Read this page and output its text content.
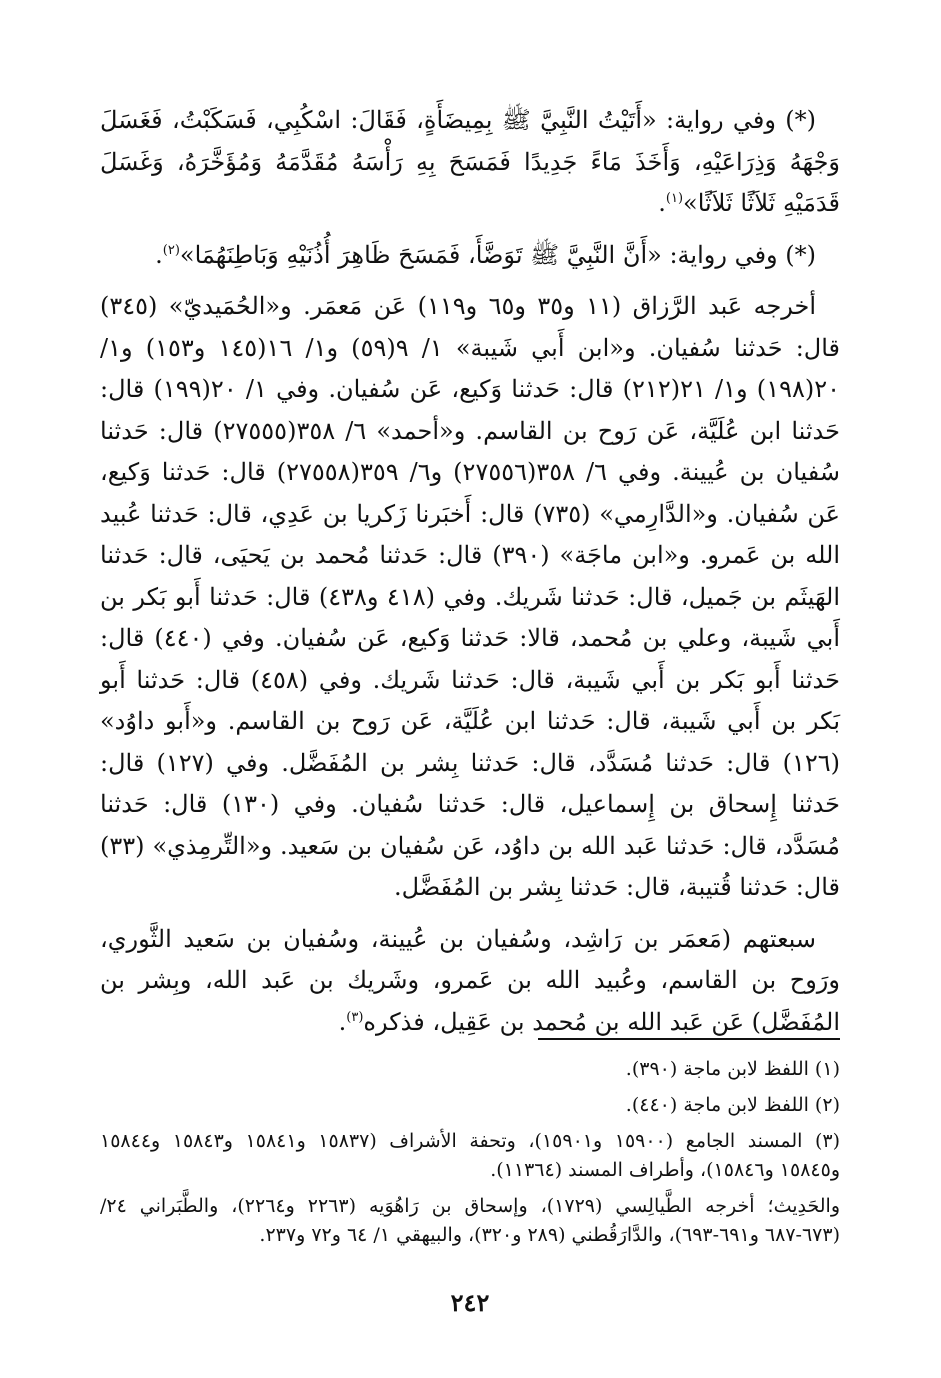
(*) وفي رواية: «أَتَيْتُ النَّبِيَّ ﷺ بِمِيضَأَةٍ، فَقَالَ: اسْكُبِي، فَسَكَبْتُ، فَغَسَلَ وَجْهَهُ وَذِرَاعَيْهِ، وَأَخَذَ مَاءً جَدِيدًا فَمَسَحَ بِهِ رَأْسَهُ مُقَدَّمَهُ وَمُؤَخَّرَهُ، وَغَسَلَ قَدَمَيْهِ ثَلاَثًا ثَلاَثًا»$^{(١)}$.

(*) وفي رواية: «أَنَّ النَّبِيَّ ﷺ تَوَضَّأَ، فَمَسَحَ ظَاهِرَ أُذُنَيْهِ وَبَاطِنَهُمَا»$^{(٢)}$.

أخرجه عَبد الرَّزاق (١١ و٣٥ و٦٥ و١١٩) عَن مَعمَر. و«الحُمَيديّ» (٣٤٥) قال: حَدثنا سُفيان. و«ابن أَبي شَيبة» ١/ ٩(٥٩) و١/ ١٦(١٤٥ و١٥٣) و١/ ٢٠(١٩٨) و١/ ٢١(٢١٢) قال: حَدثنا وَكيع، عَن سُفيان. وفي ١/ ٢٠(١٩٩) قال: حَدثنا ابن عُلَيَّة، عَن رَوح بن القاسم. و«أحمد» ٦/ ٣٥٨(٢٧٥٥٥) قال: حَدثنا سُفيان بن عُيينة. وفي ٦/ ٣٥٨(٢٧٥٥٦) و٦/ ٣٥٩(٢٧٥٥٨) قال: حَدثنا وَكيع، عَن سُفيان. و«الدَّارِمي» (٧٣٥) قال: أَخبَرنا زَكريا بن عَدِي، قال: حَدثنا عُبيد الله بن عَمرو. و«ابن ماجَة» (٣٩٠) قال: حَدثنا مُحمد بن يَحيَى، قال: حَدثنا الهَيثَم بن جَميل، قال: حَدثنا شَريك. وفي (٤١٨ و٤٣٨) قال: حَدثنا أَبو بَكر بن أَبي شَيبة، وعلي بن مُحمد، قالا: حَدثنا وَكيع، عَن سُفيان. وفي (٤٤٠) قال: حَدثنا أَبو بَكر بن أَبي شَيبة، قال: حَدثنا شَريك. وفي (٤٥٨) قال: حَدثنا أَبو بَكر بن أَبي شَيبة، قال: حَدثنا ابن عُلَيَّة، عَن رَوح بن القاسم. و«أَبو داوُد» (١٢٦) قال: حَدثنا مُسَدَّد، قال: حَدثنا بِشر بن المُفَضَّل. وفي (١٢٧) قال: حَدثنا إِسحاق بن إِسماعيل، قال: حَدثنا سُفيان. وفي (١٣٠) قال: حَدثنا مُسَدَّد، قال: حَدثنا عَبد الله بن داوُد، عَن سُفيان بن سَعيد. و«التِّرمِذي» (٣٣) قال: حَدثنا قُتيبة، قال: حَدثنا بِشر بن المُفَضَّل.

سبعتهم (مَعمَر بن رَاشِد، وسُفيان بن عُيينة، وسُفيان بن سَعيد الثَّوري، ورَوح بن القاسم، وعُبيد الله بن عَمرو، وشَريك بن عَبد الله، وبِشر بن المُفَضَّل) عَن عَبد الله بن مُحمد بن عَقِيل، فذكره$^{(٣)}$.

(١) اللفظ لابن ماجة (٣٩٠).

(٢) اللفظ لابن ماجة (٤٤٠).

(٣) المسند الجامع (١٥٩٠٠ و١٥٩٠١)، وتحفة الأشراف (١٥٨٣٧ و١٥٨٤١ و١٥٨٤٣ و١٥٨٤٤ و١٥٨٤٥ و١٥٨٤٦)، وأطراف المسند (١١٣٦٤).

والحَدِيث؛ أخرجه الطَّيالِسي (١٧٢٩)، وإسحاق بن رَاهُوَيه (٢٢٦٣ و٢٢٦٤)، والطَّبَراني ٢٤/ (٦٧٣-٦٨٧ و٦٩١-٦٩٣)، والدَّارَقُطني (٢٨٩ و٣٢٠)، والبيهقي ١/ ٦٤ و٧٢ و٢٣٧.

٢٤٢
